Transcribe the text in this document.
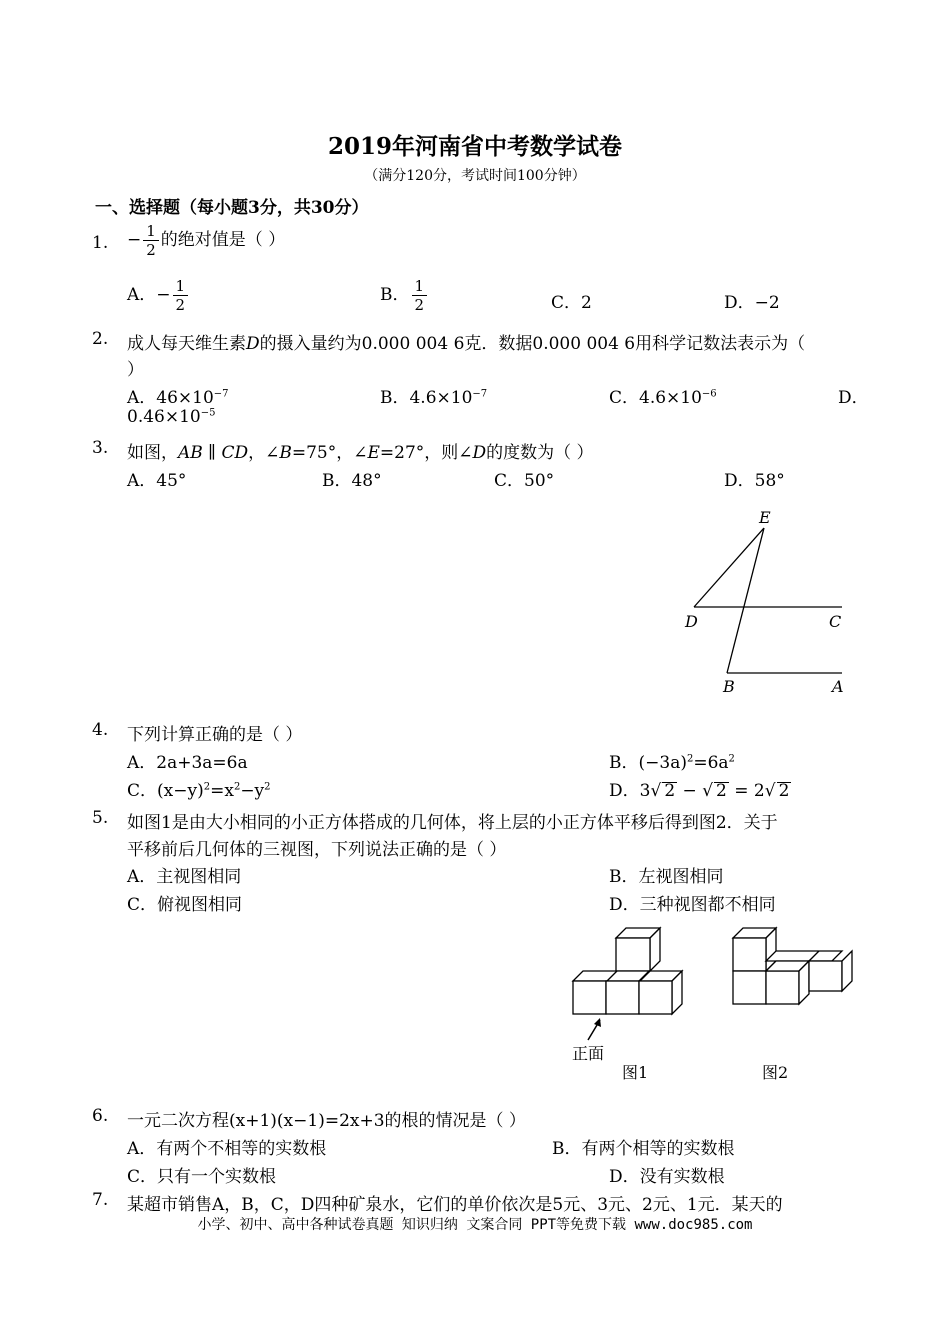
2019年河南省中考数学试卷
（满分120分，考试时间100分钟）
一、选择题（每小题3分，共30分）
1. − $\frac{1}{2}$ 的绝对值是（ ）
A．− $\frac{1}{2}$	B． $\frac{1}{2}$	C．2	D．−2
2. 成人每天维生素D的摄入量约为0.000 004 6克．数据0.000 004 6用科学记数法表示为（
）
A．$46\times 10^{-7}$	B．$4.6\times 10^{-7}$	C．$4.6\times 10^{-6}$	D．
$0.46\times 10^{-5}$
3. 如图，AB ∥ CD，∠B=75°，∠E=27°，则∠D的度数为（ ）
A．45°	B．48°	C．50°	D．58°
E
D	C
B	A
4. 下列计算正确的是（ ）
A．2a+3a=6a	B．$(-3a)^2=6a^2$
C．$(x-y)^2=x^2-y^2$	D．3√ 2 − √ 2 = 2√ 2
5. 如图1是由大小相同的小正方体搭成的几何体，将上层的小正方体平移后得到图2．关于
平移前后几何体的三视图，下列说法正确的是（ ）
A．主视图相同	B．左视图相同
C．俯视图相同	D．三种视图都不相同
正面
图1	图2
6. 一元二次方程(x+1)(x−1)=2x+3的根的情况是（ ）
A．有两个不相等的实数根	B．有两个相等的实数根
C．只有一个实数根	D．没有实数根
7. 某超市销售A，B，C，D四种矿泉水，它们的单价依次是5元、3元、2元、1元．某天的
小学、初中、高中各种试卷真题 知识归纳 文案合同 PPT等免费下载 www.doc985.com
